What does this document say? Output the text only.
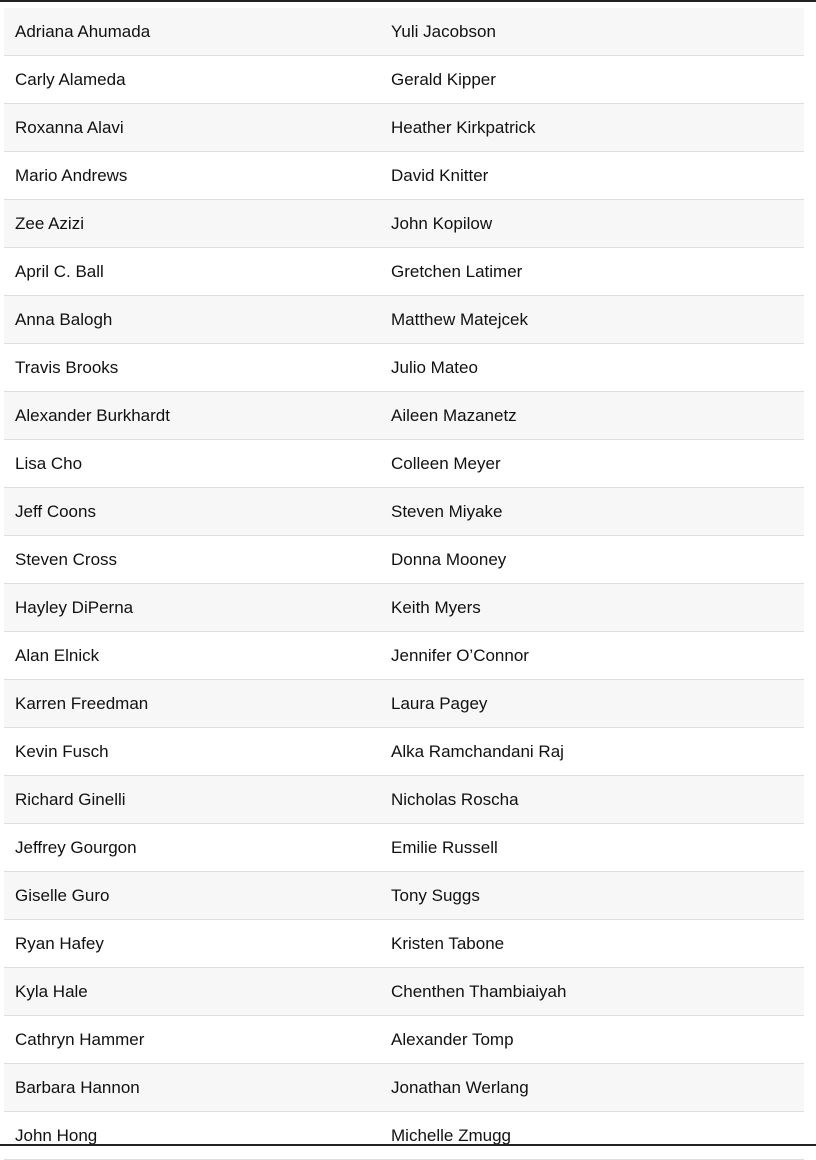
Adriana Ahumada	Yuli Jacobson
Carly Alameda	Gerald Kipper
Roxanna Alavi	Heather Kirkpatrick
Mario Andrews	David Knitter
Zee Azizi	John Kopilow
April C. Ball	Gretchen Latimer
Anna Balogh	Matthew Matejcek
Travis Brooks	Julio Mateo
Alexander Burkhardt	Aileen Mazanetz
Lisa Cho	Colleen Meyer
Jeff Coons	Steven Miyake
Steven Cross	Donna Mooney
Hayley DiPerna	Keith Myers
Alan Elnick	Jennifer O’Connor
Karren Freedman	Laura Pagey
Kevin Fusch	Alka Ramchandani Raj
Richard Ginelli	Nicholas Roscha
Jeffrey Gourgon	Emilie Russell
Giselle Guro	Tony Suggs
Ryan Hafey	Kristen Tabone
Kyla Hale	Chenthen Thambiaiyah
Cathryn Hammer	Alexander Tomp
Barbara Hannon	Jonathan Werlang
John Hong	Michelle Zmugg
